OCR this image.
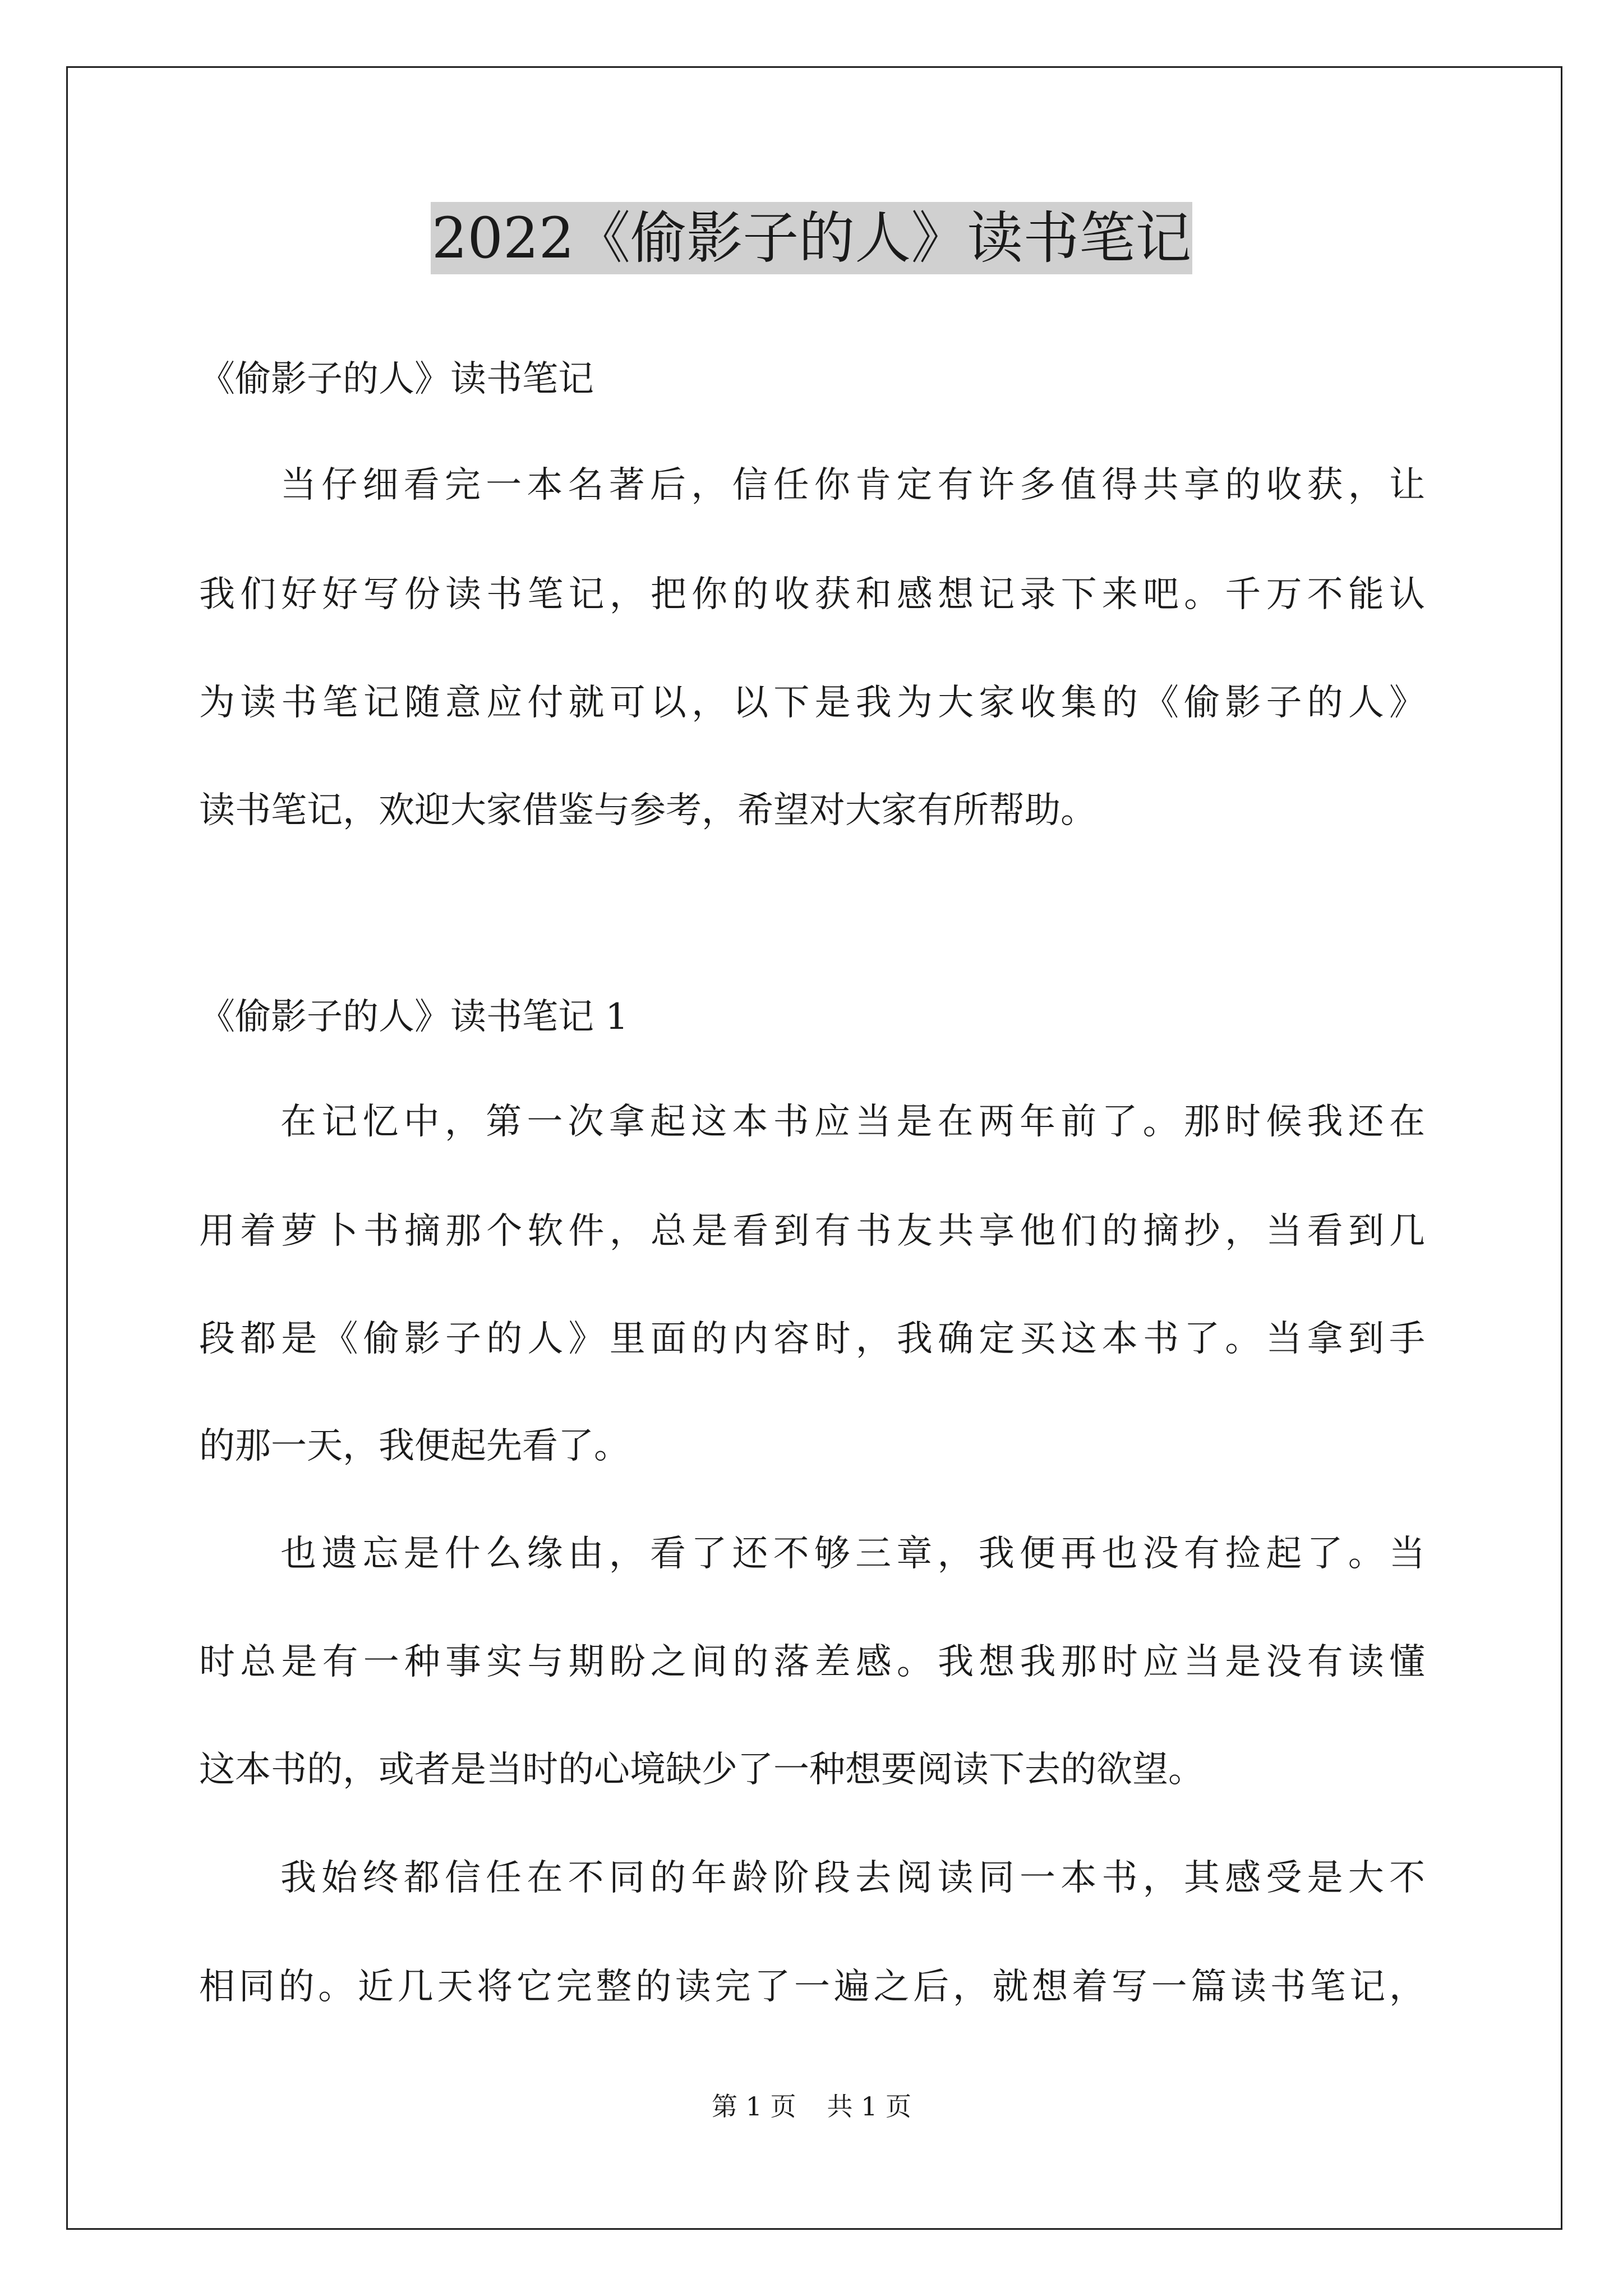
2022《偷影子的人》读书笔记
《偷影子的人》读书笔记
当仔细看完一本名著后，信任你肯定有许多值得共享的收获，让
我们好好写份读书笔记，把你的收获和感想记录下来吧。千万不能认
为读书笔记随意应付就可以，以下是我为大家收集的《偷影子的人》
读书笔记，欢迎大家借鉴与参考，希望对大家有所帮助。
《偷影子的人》读书笔记 1
在记忆中，第一次拿起这本书应当是在两年前了。那时候我还在
用着萝卜书摘那个软件，总是看到有书友共享他们的摘抄，当看到几
段都是《偷影子的人》里面的内容时，我确定买这本书了。当拿到手
的那一天，我便起先看了。
也遗忘是什么缘由，看了还不够三章，我便再也没有捡起了。当
时总是有一种事实与期盼之间的落差感。我想我那时应当是没有读懂
这本书的，或者是当时的心境缺少了一种想要阅读下去的欲望。
我始终都信任在不同的年龄阶段去阅读同一本书，其感受是大不
相同的。近几天将它完整的读完了一遍之后，就想着写一篇读书笔记，
第 1 页 共 1 页
